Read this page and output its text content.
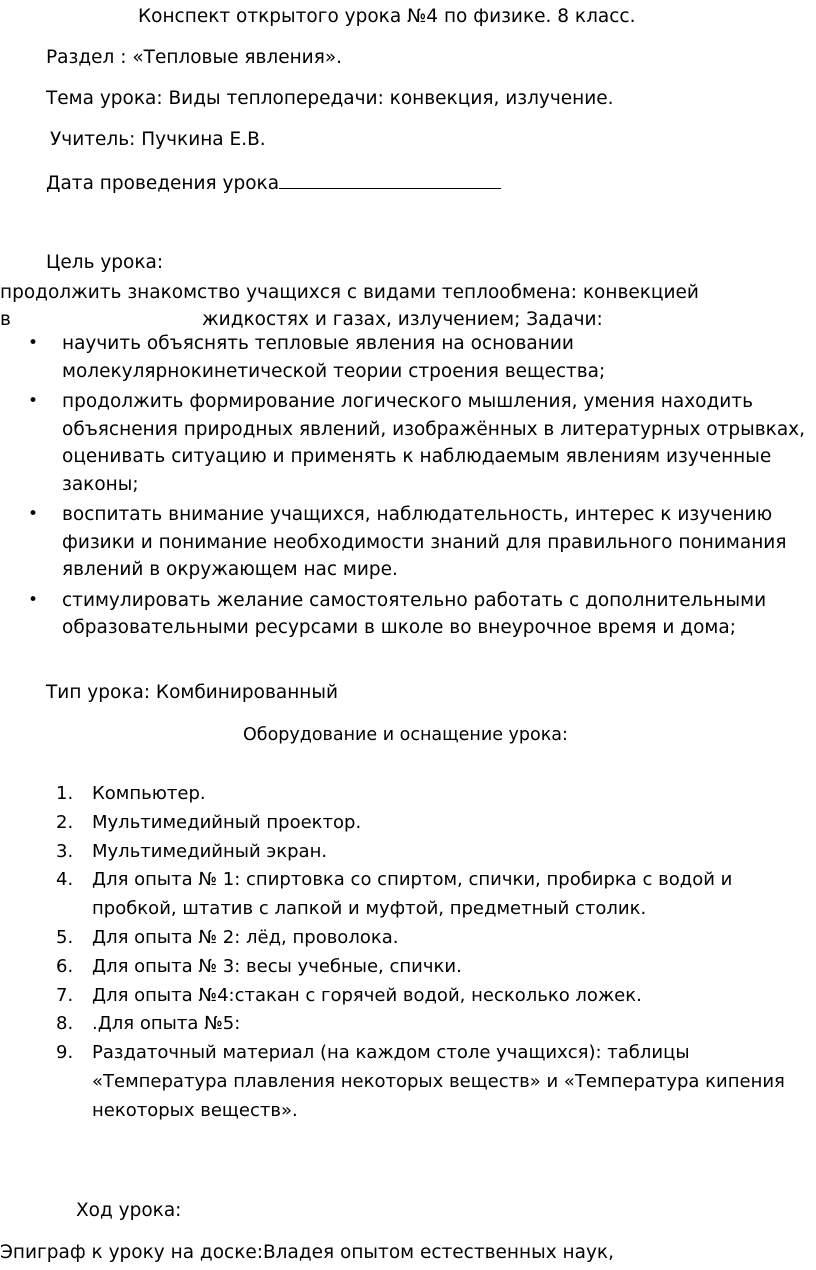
Конспект открытого урока №4 по физике. 8 класс.
Раздел : «Тепловые явления».
Тема урока: Виды теплопередачи: конвекция, излучение.
Учитель: Пучкина Е.В.
Дата проведения урока
Цель урока:
продолжить знакомство учащихся с видами теплообмена: конвекцией
в	жидкостях и газах, излучением; Задачи:
• научить объяснять тепловые явления на основании молекулярнокинетической теории строения вещества;
• продолжить формирование логического мышления, умения находить объяснения природных явлений, изображённых в литературных отрывках, оценивать ситуацию и применять к наблюдаемым явлениям изученные законы;
• воспитать внимание учащихся, наблюдательность, интерес к изучению физики и понимание необходимости знаний для правильного понимания явлений в окружающем нас мире.
• стимулировать желание самостоятельно работать с дополнительными образовательными ресурсами в школе во внеурочное время и дома;
Тип урока: Комбинированный
Оборудование и оснащение урока:
1. Компьютер.
2. Мультимедийный проектор.
3. Мультимедийный экран.
4. Для опыта № 1: спиртовка со спиртом, спички, пробирка с водой и пробкой, штатив с лапкой и муфтой, предметный столик.
5. Для опыта № 2: лёд, проволока.
6. Для опыта № 3: весы учебные, спички.
7. Для опыта №4:стакан с горячей водой, несколько ложек.
8. .Для опыта №5:
9. Раздаточный материал (на каждом столе учащихся): таблицы «Температура плавления некоторых веществ» и «Температура кипения некоторых веществ».
Ход урока:
Эпиграф к уроку на доске:Владея опытом естественных наук,
